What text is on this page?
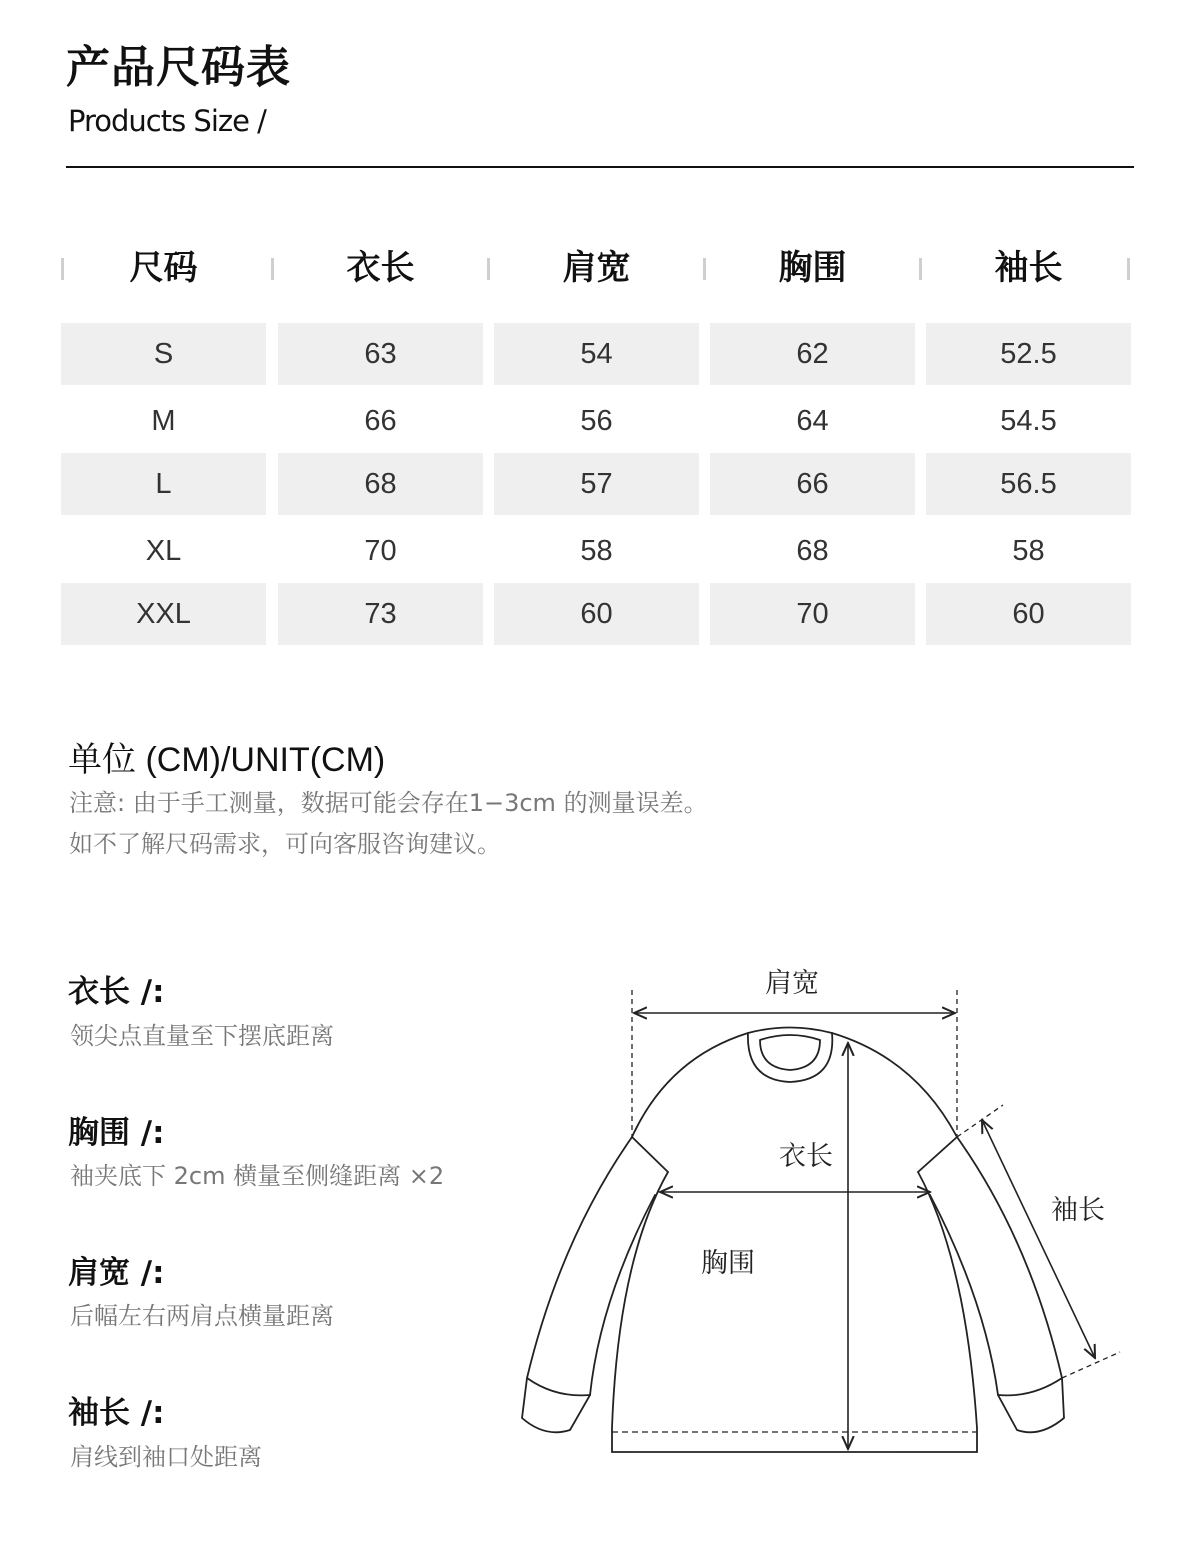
产品尺码表

Products Size /

尺码	衣长	肩宽	胸围	袖长
S	63	54	62	52.5
M	66	56	64	54.5
L	68	57	66	56.5
XL	70	58	68	58
XXL	73	60	70	60

单位 (CM)/UNIT(CM)

注意: 由于手工测量，数据可能会存在1−3cm 的测量误差。

如不了解尺码需求，可向客服咨询建议。

衣长 /:

领尖点直量至下摆底距离

胸围 /:

袖夹底下 2cm 横量至侧缝距离 ×2

肩宽 /:

后幅左右两肩点横量距离

袖长 /:

肩线到袖口处距离

肩宽
衣长
袖长
胸围
